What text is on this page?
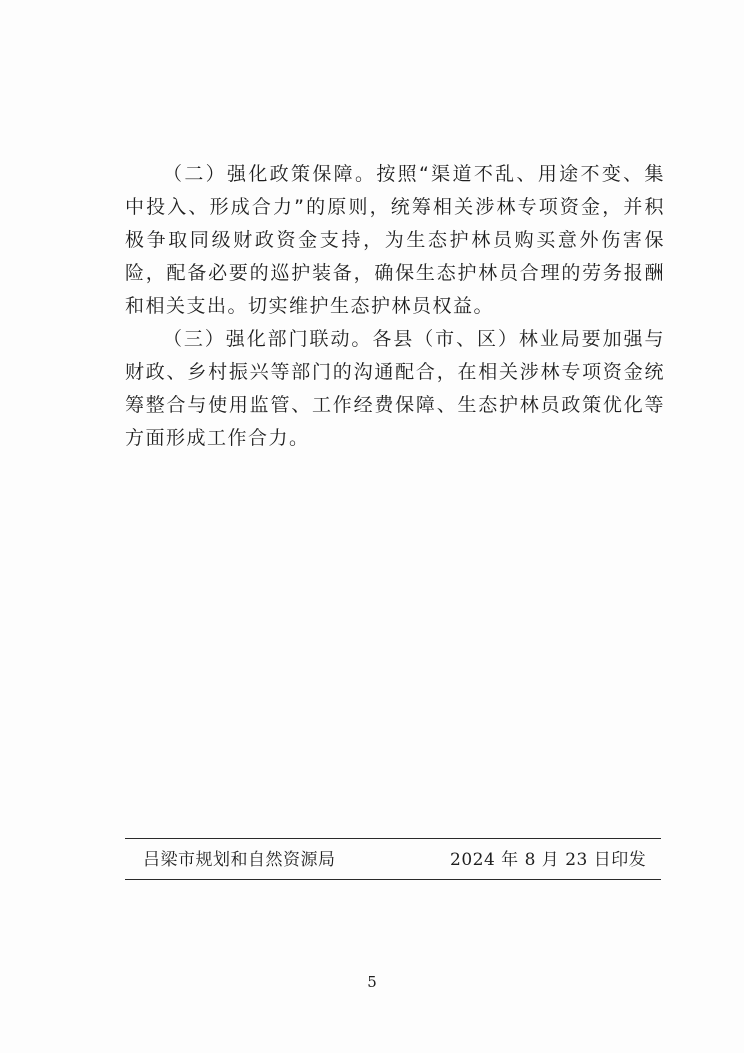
（二）强化政策保障。按照“渠道不乱、用途不变、集中投入、形成合力”的原则，统筹相关涉林专项资金，并积极争取同级财政资金支持，为生态护林员购买意外伤害保险，配备必要的巡护装备，确保生态护林员合理的劳务报酬和相关支出。切实维护生态护林员权益。

（三）强化部门联动。各县（市、区）林业局要加强与财政、乡村振兴等部门的沟通配合，在相关涉林专项资金统筹整合与使用监管、工作经费保障、生态护林员政策优化等方面形成工作合力。

吕梁市规划和自然资源局	2024 年 8 月 23 日印发
5
